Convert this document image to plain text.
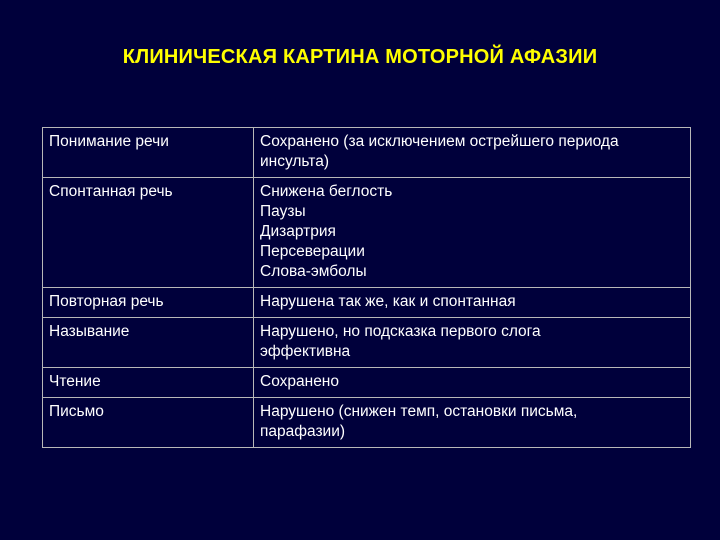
КЛИНИЧЕСКАЯ КАРТИНА МОТОРНОЙ АФАЗИИ
Понимание речи	Сохранено (за исключением острейшего периода
инсульта)

Спонтанная речь	Снижена беглость
Паузы
Дизартрия
Персеверации
Слова-эмболы

Повторная речь	Нарушена так же, как и спонтанная

Называние	Нарушено, но подсказка первого слога
эффективна

Чтение	Сохранено

Письмо	Нарушено (снижен темп, остановки письма,
парафазии)
